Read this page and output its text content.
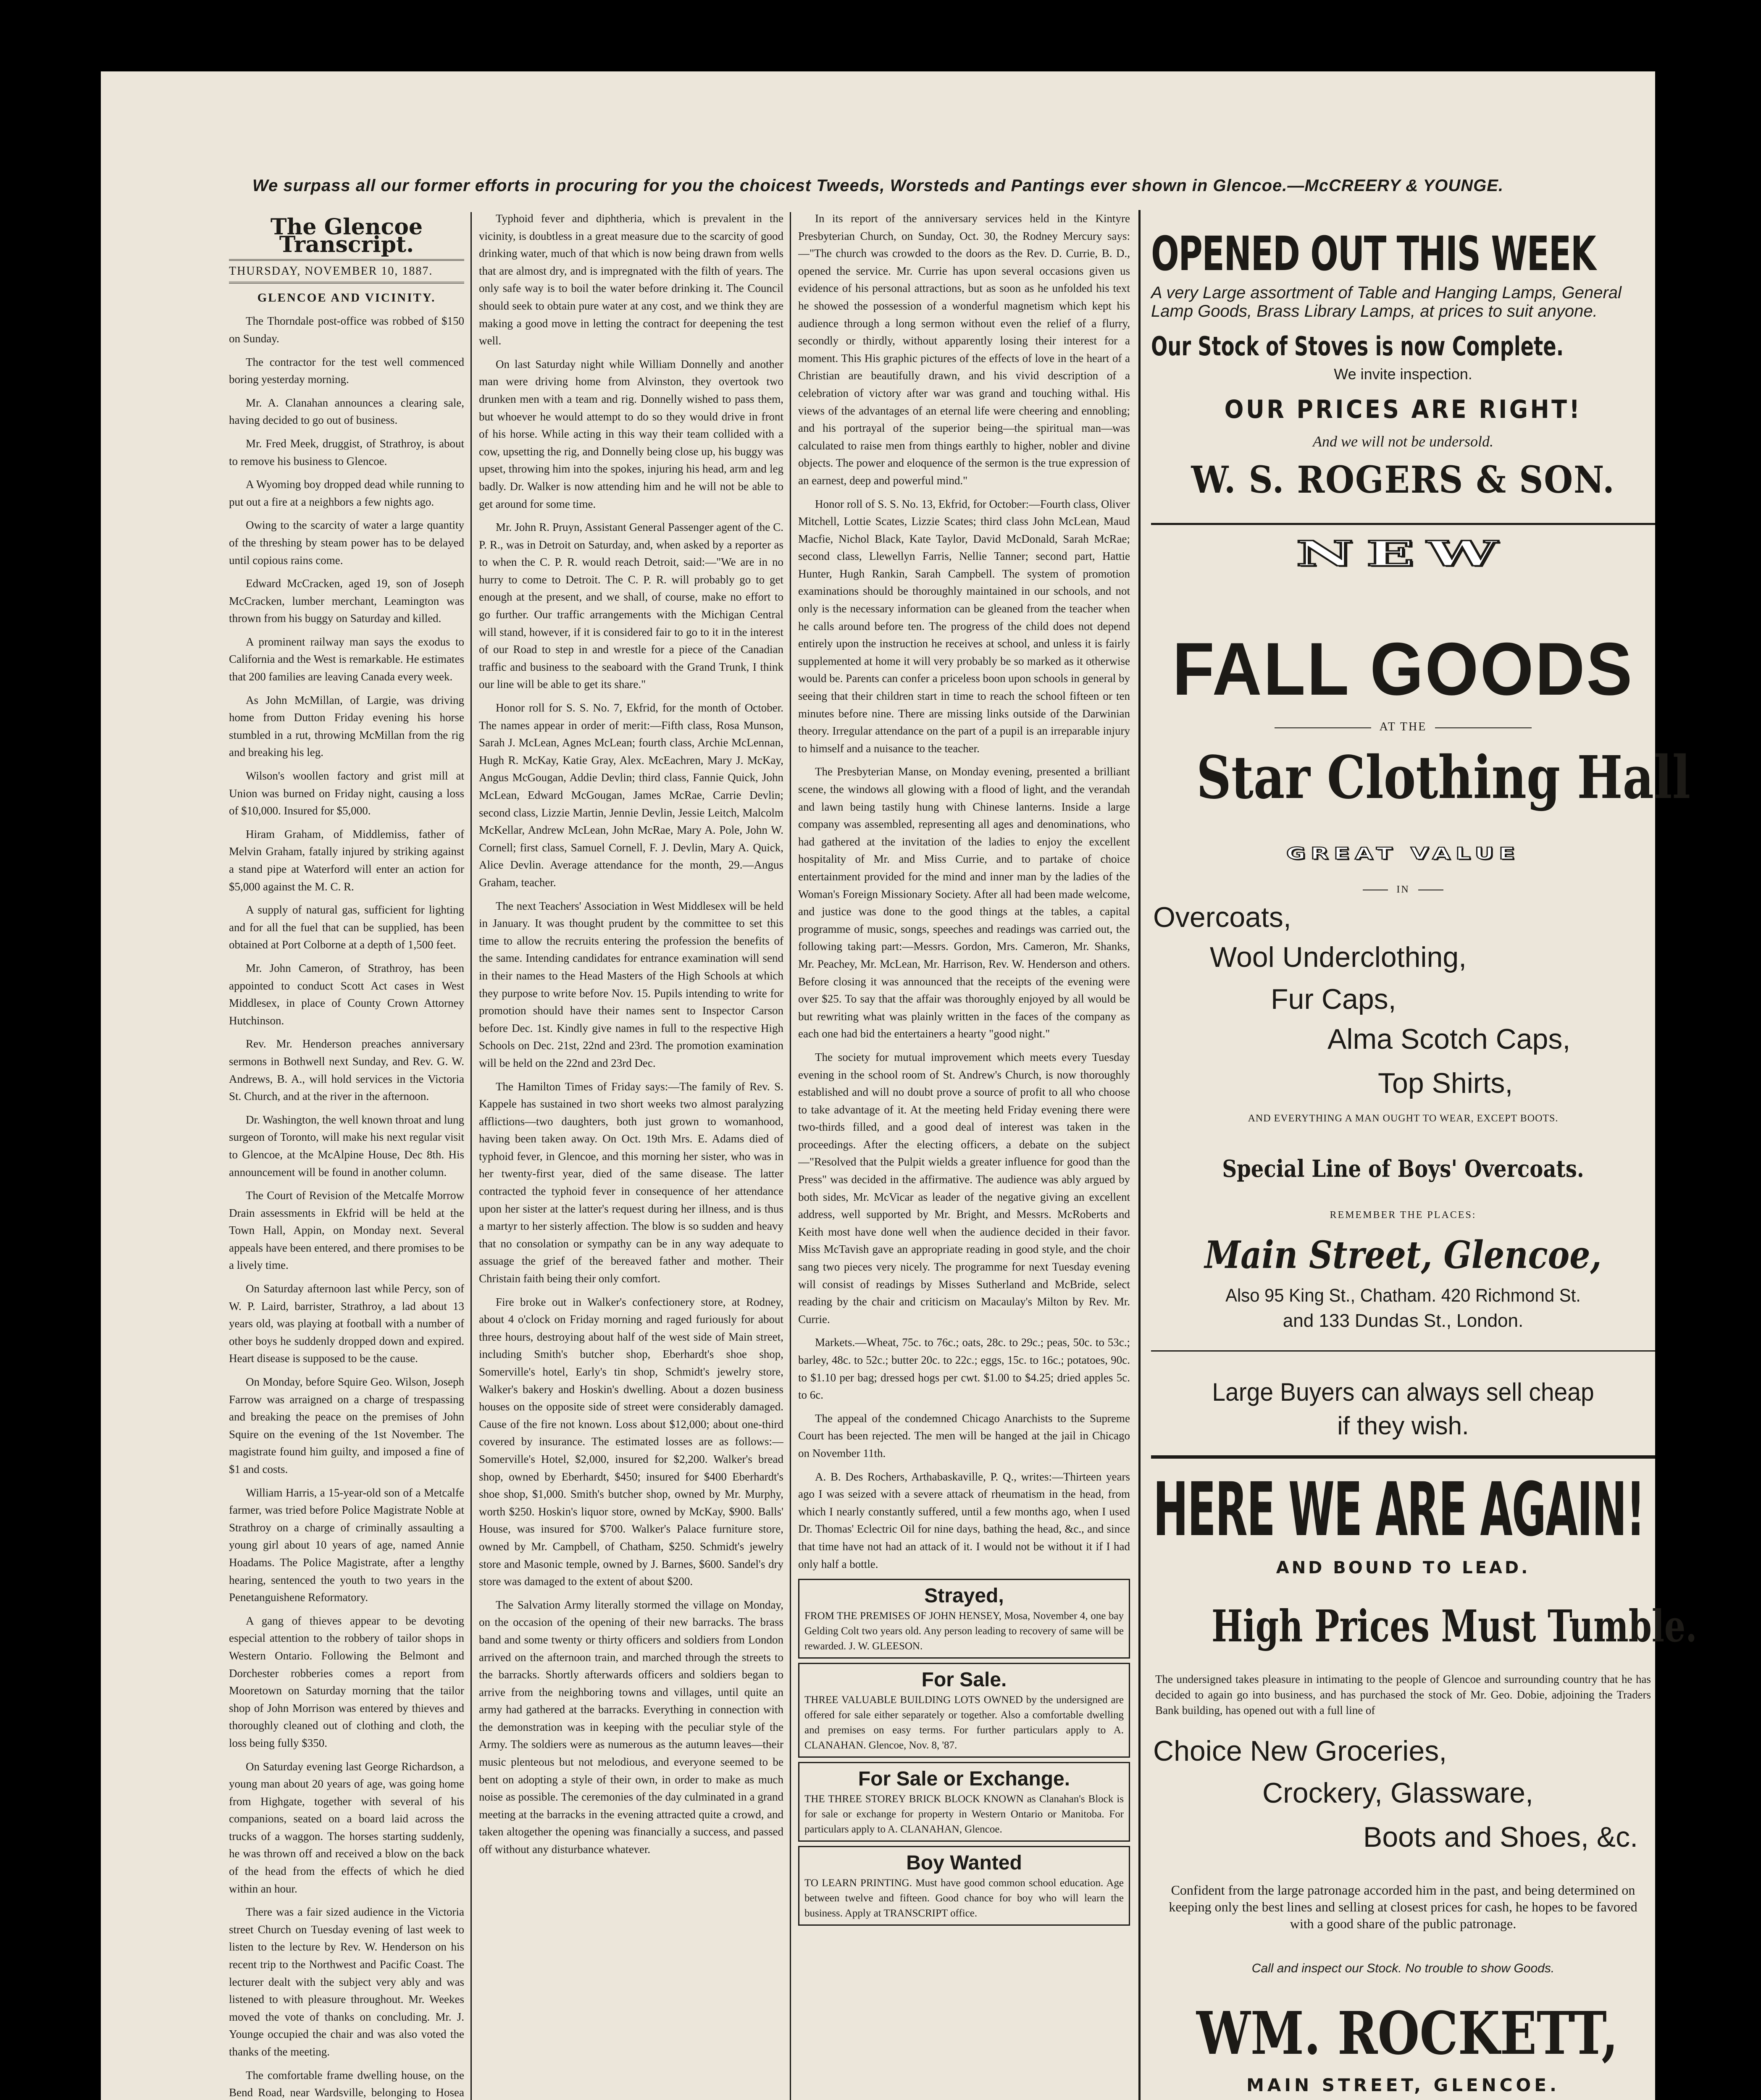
We surpass all our former efforts in procuring for you the choicest Tweeds, Worsteds and Pantings ever shown in Glencoe.—McCREERY & YOUNGE.

The Glencoe Transcript.

THURSDAY, NOVEMBER 10, 1887.

GLENCOE AND VICINITY.

The Thorndale post-office was robbed of $150 on Sunday.

The contractor for the test well commenced boring yesterday morning.

Mr. A. Clanahan announces a clearing sale, having decided to go out of business.

Mr. Fred Meek, druggist, of Strathroy, is about to remove his business to Glencoe.

A Wyoming boy dropped dead while running to put out a fire at a neighbors a few nights ago.

Owing to the scarcity of water a large quantity of the threshing by steam power has to be delayed until copious rains come.

Edward McCracken, aged 19, son of Joseph McCracken, lumber merchant, Leamington was thrown from his buggy on Saturday and killed.

A prominent railway man says the exodus to California and the West is remarkable. He estimates that 200 families are leaving Canada every week.

As John McMillan, of Largie, was driving home from Dutton Friday evening his horse stumbled in a rut, throwing McMillan from the rig and breaking his leg.

Wilson's woollen factory and grist mill at Union was burned on Friday night, causing a loss of $10,000. Insured for $5,000.

Hiram Graham, of Middlemiss, father of Melvin Graham, fatally injured by striking against a stand pipe at Waterford will enter an action for $5,000 against the M. C. R.

A supply of natural gas, sufficient for lighting and for all the fuel that can be supplied, has been obtained at Port Colborne at a depth of 1,500 feet.

Mr. John Cameron, of Strathroy, has been appointed to conduct Scott Act cases in West Middlesex, in place of County Crown Attorney Hutchinson.

Rev. Mr. Henderson preaches anniversary sermons in Bothwell next Sunday, and Rev. G. W. Andrews, B. A., will hold services in the Victoria St. Church, and at the river in the afternoon.

Dr. Washington, the well known throat and lung surgeon of Toronto, will make his next regular visit to Glencoe, at the McAlpine House, Dec 8th. His announcement will be found in another column.

The Court of Revision of the Metcalfe Morrow Drain assessments in Ekfrid will be held at the Town Hall, Appin, on Monday next. Several appeals have been entered, and there promises to be a lively time.

On Saturday afternoon last while Percy, son of W. P. Laird, barrister, Strathroy, a lad about 13 years old, was playing at football with a number of other boys he suddenly dropped down and expired. Heart disease is supposed to be the cause.

On Monday, before Squire Geo. Wilson, Joseph Farrow was arraigned on a charge of trespassing and breaking the peace on the premises of John Squire on the evening of the 1st November. The magistrate found him guilty, and imposed a fine of $1 and costs.

William Harris, a 15-year-old son of a Metcalfe farmer, was tried before Police Magistrate Noble at Strathroy on a charge of criminally assaulting a young girl about 10 years of age, named Annie Hoadams. The Police Magistrate, after a lengthy hearing, sentenced the youth to two years in the Penetanguishene Reformatory.

A gang of thieves appear to be devoting especial attention to the robbery of tailor shops in Western Ontario. Following the Belmont and Dorchester robberies comes a report from Mooretown on Saturday morning that the tailor shop of John Morrison was entered by thieves and thoroughly cleaned out of clothing and cloth, the loss being fully $350.

On Saturday evening last George Richardson, a young man about 20 years of age, was going home from Highgate, together with several of his companions, seated on a board laid across the trucks of a waggon. The horses starting suddenly, he was thrown off and received a blow on the back of the head from the effects of which he died within an hour.

There was a fair sized audience in the Victoria street Church on Tuesday evening of last week to listen to the lecture by Rev. W. Henderson on his recent trip to the Northwest and Pacific Coast. The lecturer dealt with the subject very ably and was listened to with pleasure throughout. Mr. Weekes moved the vote of thanks on concluding. Mr. J. Younge occupied the chair and was also voted the thanks of the meeting.

The comfortable frame dwelling house, on the Bend Road, near Wardsville, belonging to Hosea

Typhoid fever and diphtheria, which is prevalent in the vicinity, is doubtless in a great measure due to the scarcity of good drinking water, much of that which is now being drawn from wells that are almost dry, and is impregnated with the filth of years. The only safe way is to boil the water before drinking it. The Council should seek to obtain pure water at any cost, and we think they are making a good move in letting the contract for deepening the test well.

On last Saturday night while William Donnelly and another man were driving home from Alvinston, they overtook two drunken men with a team and rig. Donnelly wished to pass them, but whoever he would attempt to do so they would drive in front of his horse. While acting in this way their team collided with a cow, upsetting the rig, and Donnelly being close up, his buggy was upset, throwing him into the spokes, injuring his head, arm and leg badly. Dr. Walker is now attending him and he will not be able to get around for some time.

Mr. John R. Pruyn, Assistant General Passenger agent of the C. P. R., was in Detroit on Saturday, and, when asked by a reporter as to when the C. P. R. would reach Detroit, said:—"We are in no hurry to come to Detroit. The C. P. R. will probably go to get enough at the present, and we shall, of course, make no effort to go further. Our traffic arrangements with the Michigan Central will stand, however, if it is considered fair to go to it in the interest of our Road to step in and wrestle for a piece of the Canadian traffic and business to the seaboard with the Grand Trunk, I think our line will be able to get its share."

Honor roll for S. S. No. 7, Ekfrid, for the month of October. The names appear in order of merit:—Fifth class, Rosa Munson, Sarah J. McLean, Agnes McLean; fourth class, Archie McLennan, Hugh R. McKay, Katie Gray, Alex. McEachren, Mary J. McKay, Angus McGougan, Addie Devlin; third class, Fannie Quick, John McLean, Edward McGougan, James McRae, Carrie Devlin; second class, Lizzie Martin, Jennie Devlin, Jessie Leitch, Malcolm McKellar, Andrew McLean, John McRae, Mary A. Pole, John W. Cornell; first class, Samuel Cornell, F. J. Devlin, Mary A. Quick, Alice Devlin. Average attendance for the month, 29.—Angus Graham, teacher.

The next Teachers' Association in West Middlesex will be held in January. It was thought prudent by the committee to set this time to allow the recruits entering the profession the benefits of the same. Intending candidates for entrance examination will send in their names to the Head Masters of the High Schools at which they purpose to write before Nov. 15. Pupils intending to write for promotion should have their names sent to Inspector Carson before Dec. 1st. Kindly give names in full to the respective High Schools on Dec. 21st, 22nd and 23rd. The promotion examination will be held on the 22nd and 23rd Dec.

The Hamilton Times of Friday says:—The family of Rev. S. Kappele has sustained in two short weeks two almost paralyzing afflictions—two daughters, both just grown to womanhood, having been taken away. On Oct. 19th Mrs. E. Adams died of typhoid fever, in Glencoe, and this morning her sister, who was in her twenty-first year, died of the same disease. The latter contracted the typhoid fever in consequence of her attendance upon her sister at the latter's request during her illness, and is thus a martyr to her sisterly affection. The blow is so sudden and heavy that no consolation or sympathy can be in any way adequate to assuage the grief of the bereaved father and mother. Their Christain faith being their only comfort.

Fire broke out in Walker's confectionery store, at Rodney, about 4 o'clock on Friday morning and raged furiously for about three hours, destroying about half of the west side of Main street, including Smith's butcher shop, Eberhardt's shoe shop, Somerville's hotel, Early's tin shop, Schmidt's jewelry store, Walker's bakery and Hoskin's dwelling. About a dozen business houses on the opposite side of street were considerably damaged. Cause of the fire not known. Loss about $12,000; about one-third covered by insurance. The estimated losses are as follows:—Somerville's Hotel, $2,000, insured for $2,200. Walker's bread shop, owned by Eberhardt, $450; insured for $400 Eberhardt's shoe shop, $1,000. Smith's butcher shop, owned by Mr. Murphy, worth $250. Hoskin's liquor store, owned by McKay, $900. Balls' House, was insured for $700. Walker's Palace furniture store, owned by Mr. Campbell, of Chatham, $250. Schmidt's jewelry store and Masonic temple, owned by J. Barnes, $600. Sandel's dry store was damaged to the extent of about $200.

The Salvation Army literally stormed the village on Monday, on the occasion of the opening of their new barracks. The brass band and some twenty or thirty officers and soldiers from London arrived on the afternoon train, and marched through the streets to the barracks. Shortly afterwards officers and soldiers began to arrive from the neighboring towns and villages, until quite an army had gathered at the barracks. Everything in connection with the demonstration was in keeping with the peculiar style of the Army. The soldiers were as numerous as the autumn leaves—their music plenteous but not melodious, and everyone seemed to be bent on adopting a style of their own, in order to make as much noise as possible. The ceremonies of the day culminated in a grand meeting at the barracks in the evening attracted quite a crowd, and taken altogether the opening was financially a success, and passed off without any disturbance whatever.

In its report of the anniversary services held in the Kintyre Presbyterian Church, on Sunday, Oct. 30, the Rodney Mercury says:—"The church was crowded to the doors as the Rev. D. Currie, B. D., opened the service. Mr. Currie has upon several occasions given us evidence of his personal attractions, but as soon as he unfolded his text he showed the possession of a wonderful magnetism which kept his audience through a long sermon without even the relief of a flurry, secondly or thirdly, without apparently losing their interest for a moment. This His graphic pictures of the effects of love in the heart of a Christian are beautifully drawn, and his vivid description of a celebration of victory after war was grand and touching withal. His views of the advantages of an eternal life were cheering and ennobling; and his portrayal of the superior being—the spiritual man—was calculated to raise men from things earthly to higher, nobler and divine objects. The power and eloquence of the sermon is the true expression of an earnest, deep and powerful mind."

Honor roll of S. S. No. 13, Ekfrid, for October:—Fourth class, Oliver Mitchell, Lottie Scates, Lizzie Scates; third class John McLean, Maud Macfie, Nichol Black, Kate Taylor, David McDonald, Sarah McRae; second class, Llewellyn Farris, Nellie Tanner; second part, Hattie Hunter, Hugh Rankin, Sarah Campbell. The system of promotion examinations should be thoroughly maintained in our schools, and not only is the necessary information can be gleaned from the teacher when he calls around before ten. The progress of the child does not depend entirely upon the instruction he receives at school, and unless it is fairly supplemented at home it will very probably be so marked as it otherwise would be. Parents can confer a priceless boon upon schools in general by seeing that their children start in time to reach the school fifteen or ten minutes before nine. There are missing links outside of the Darwinian theory. Irregular attendance on the part of a pupil is an irreparable injury to himself and a nuisance to the teacher.

The Presbyterian Manse, on Monday evening, presented a brilliant scene, the windows all glowing with a flood of light, and the verandah and lawn being tastily hung with Chinese lanterns. Inside a large company was assembled, representing all ages and denominations, who had gathered at the invitation of the ladies to enjoy the excellent hospitality of Mr. and Miss Currie, and to partake of choice entertainment provided for the mind and inner man by the ladies of the Woman's Foreign Missionary Society. After all had been made welcome, and justice was done to the good things at the tables, a capital programme of music, songs, speeches and readings was carried out, the following taking part:—Messrs. Gordon, Mrs. Cameron, Mr. Shanks, Mr. Peachey, Mr. McLean, Mr. Harrison, Rev. W. Henderson and others. Before closing it was announced that the receipts of the evening were over $25. To say that the affair was thoroughly enjoyed by all would be but rewriting what was plainly written in the faces of the company as each one had bid the entertainers a hearty "good night."

The society for mutual improvement which meets every Tuesday evening in the school room of St. Andrew's Church, is now thoroughly established and will no doubt prove a source of profit to all who choose to take advantage of it. At the meeting held Friday evening there were two-thirds filled, and a good deal of interest was taken in the proceedings. After the electing officers, a debate on the subject—"Resolved that the Pulpit wields a greater influence for good than the Press" was decided in the affirmative. The audience was ably argued by both sides, Mr. McVicar as leader of the negative giving an excellent address, well supported by Mr. Bright, and Messrs. McRoberts and Keith most have done well when the audience decided in their favor. Miss McTavish gave an appropriate reading in good style, and the choir sang two pieces very nicely. The programme for next Tuesday evening will consist of readings by Misses Sutherland and McBride, select reading by the chair and criticism on Macaulay's Milton by Rev. Mr. Currie.

Markets.—Wheat, 75c. to 76c.; oats, 28c. to 29c.; peas, 50c. to 53c.; barley, 48c. to 52c.; butter 20c. to 22c.; eggs, 15c. to 16c.; potatoes, 90c. to $1.10 per bag; dressed hogs per cwt. $1.00 to $4.25; dried apples 5c. to 6c.

The appeal of the condemned Chicago Anarchists to the Supreme Court has been rejected. The men will be hanged at the jail in Chicago on November 11th.

A. B. Des Rochers, Arthabaskaville, P. Q., writes:—Thirteen years ago I was seized with a severe attack of rheumatism in the head, from which I nearly constantly suffered, until a few months ago, when I used Dr. Thomas' Eclectric Oil for nine days, bathing the head, &c., and since that time have not had an attack of it. I would not be without it if I had only half a bottle.

Strayed,
FROM THE PREMISES OF JOHN HENSEY, Mosa, November 4, one bay Gelding Colt two years old. Any person leading to recovery of same will be rewarded. J. W. GLEESON.

For Sale.
THREE VALUABLE BUILDING LOTS OWNED by the undersigned are offered for sale either separately or together. Also a comfortable dwelling and premises on easy terms. For further particulars apply to A. CLANAHAN. Glencoe, Nov. 8, '87.

For Sale or Exchange.
THE THREE STOREY BRICK BLOCK KNOWN as Clanahan's Block is for sale or exchange for property in Western Ontario or Manitoba. For particulars apply to A. CLANAHAN, Glencoe.

Boy Wanted
TO LEARN PRINTING. Must have good common school education. Age between twelve and fifteen. Good chance for boy who will learn the business. Apply at TRANSCRIPT office.

OPENED OUT THIS WEEK
A very Large assortment of Table and Hanging Lamps, General Lamp Goods, Brass Library Lamps, at prices to suit anyone.
Our Stock of Stoves is now Complete.
We invite inspection.
OUR PRICES ARE RIGHT!
And we will not be undersold.
W. S. ROGERS & SON.
NEW
FALL GOODS
AT THE
Star Clothing Hall
GREAT VALUE
IN
Overcoats,
Wool Underclothing,
Fur Caps,
Alma Scotch Caps,
Top Shirts,
AND EVERYTHING A MAN OUGHT TO WEAR, EXCEPT BOOTS.
Special Line of Boys' Overcoats.
REMEMBER THE PLACES:
Main Street, Glencoe,
Also 95 King St., Chatham. 420 Richmond St.
and 133 Dundas St., London.
Large Buyers can always sell cheap
if they wish.
HERE WE ARE AGAIN!
AND BOUND TO LEAD.
High Prices Must Tumble.
The undersigned takes pleasure in intimating to the people of Glencoe and surrounding country that he has decided to again go into business, and has purchased the stock of Mr. Geo. Dobie, adjoining the Traders Bank building, has opened out with a full line of
Choice New Groceries,
Crockery, Glassware,
Boots and Shoes, &c.
Confident from the large patronage accorded him in the past, and being determined on keeping only the best lines and selling at closest prices for cash, he hopes to be favored with a good share of the public patronage.
Call and inspect our Stock. No trouble to show Goods.
WM. ROCKETT,
MAIN STREET, GLENCOE.
